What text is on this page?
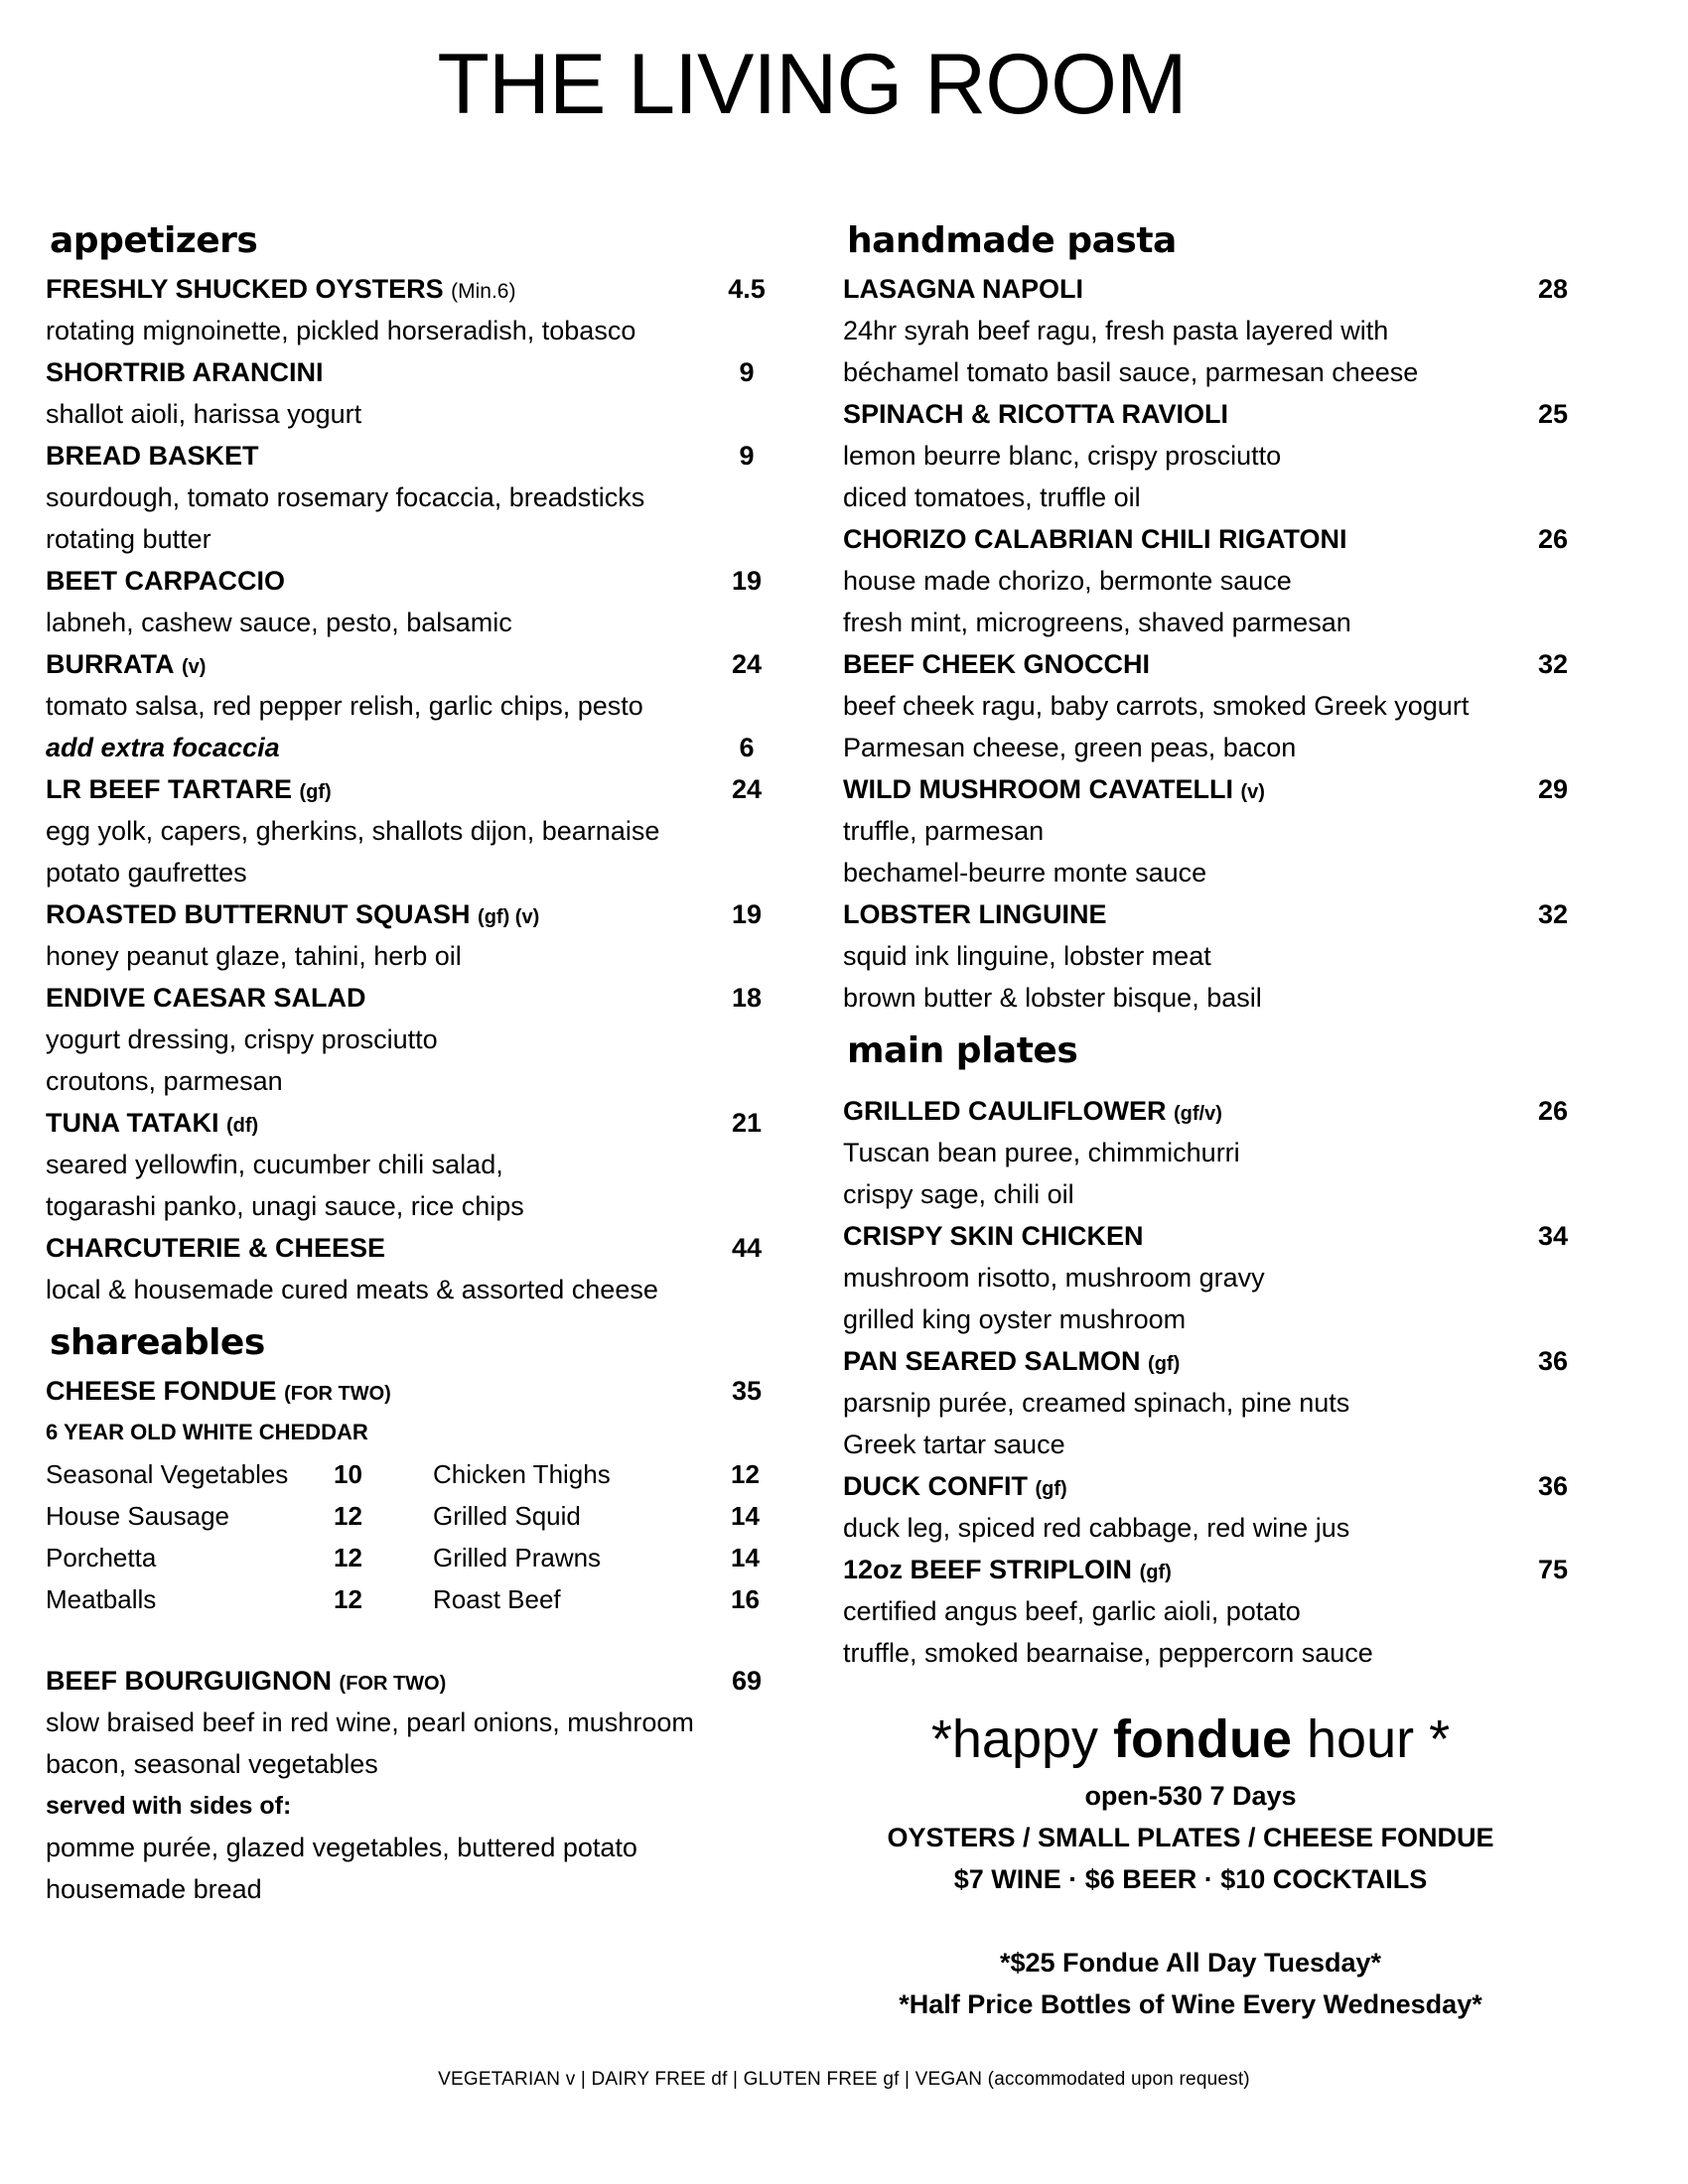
THE LIVING ROOM
appetizers
FRESHLY SHUCKED OYSTERS (Min.6)	4.5
rotating mignoinette, pickled horseradish, tobasco
SHORTRIB ARANCINI	9
shallot aioli, harissa yogurt
BREAD BASKET	9
sourdough, tomato rosemary focaccia, breadsticks
rotating butter
BEET CARPACCIO	19
labneh, cashew sauce, pesto, balsamic
BURRATA (v)	24
tomato salsa, red pepper relish, garlic chips, pesto
add extra focaccia	6
LR BEEF TARTARE (gf)	24
egg yolk, capers, gherkins, shallots dijon, bearnaise
potato gaufrettes
ROASTED BUTTERNUT SQUASH (gf) (v)	19
honey peanut glaze, tahini, herb oil
ENDIVE CAESAR SALAD	18
yogurt dressing, crispy prosciutto
croutons, parmesan
TUNA TATAKI (df)	21
seared yellowfin, cucumber chili salad,
togarashi panko, unagi sauce, rice chips
CHARCUTERIE & CHEESE	44
local & housemade cured meats & assorted cheese
shareables
CHEESE FONDUE (FOR TWO)	35
6 YEAR OLD WHITE CHEDDAR
Seasonal Vegetables 10	Chicken Thighs	12
House Sausage	12	Grilled Squid	14
Porchetta	12	Grilled Prawns	14
Meatballs	12	Roast Beef	16
BEEF BOURGUIGNON (FOR TWO)	69
slow braised beef in red wine, pearl onions, mushroom
bacon, seasonal vegetables
served with sides of:
pomme purée, glazed vegetables, buttered potato
housemade bread
handmade pasta
LASAGNA NAPOLI	28
24hr syrah beef ragu, fresh pasta layered with
béchamel tomato basil sauce, parmesan cheese
SPINACH & RICOTTA RAVIOLI	25
lemon beurre blanc, crispy prosciutto
diced tomatoes, truffle oil
CHORIZO CALABRIAN CHILI RIGATONI	26
house made chorizo, bermonte sauce
fresh mint, microgreens, shaved parmesan
BEEF CHEEK GNOCCHI	32
beef cheek ragu, baby carrots, smoked Greek yogurt
Parmesan cheese, green peas, bacon
WILD MUSHROOM CAVATELLI (v)	29
truffle, parmesan
bechamel-beurre monte sauce
LOBSTER LINGUINE	32
squid ink linguine, lobster meat
brown butter & lobster bisque, basil
main plates
GRILLED CAULIFLOWER (gf/v)	26
Tuscan bean puree, chimmichurri
crispy sage, chili oil
CRISPY SKIN CHICKEN	34
mushroom risotto, mushroom gravy
grilled king oyster mushroom
PAN SEARED SALMON (gf)	36
parsnip purée, creamed spinach, pine nuts
Greek tartar sauce
DUCK CONFIT (gf)	36
duck leg, spiced red cabbage, red wine jus
12oz BEEF STRIPLOIN (gf)	75
certified angus beef, garlic aioli, potato
truffle, smoked bearnaise, peppercorn sauce
*happy fondue hour *
open-530 7 Days
OYSTERS / SMALL PLATES / CHEESE FONDUE
$7 WINE · $6 BEER · $10 COCKTAILS
*$25 Fondue All Day Tuesday*
*Half Price Bottles of Wine Every Wednesday*
VEGETARIAN v | DAIRY FREE df | GLUTEN FREE gf | VEGAN (accommodated upon request)
